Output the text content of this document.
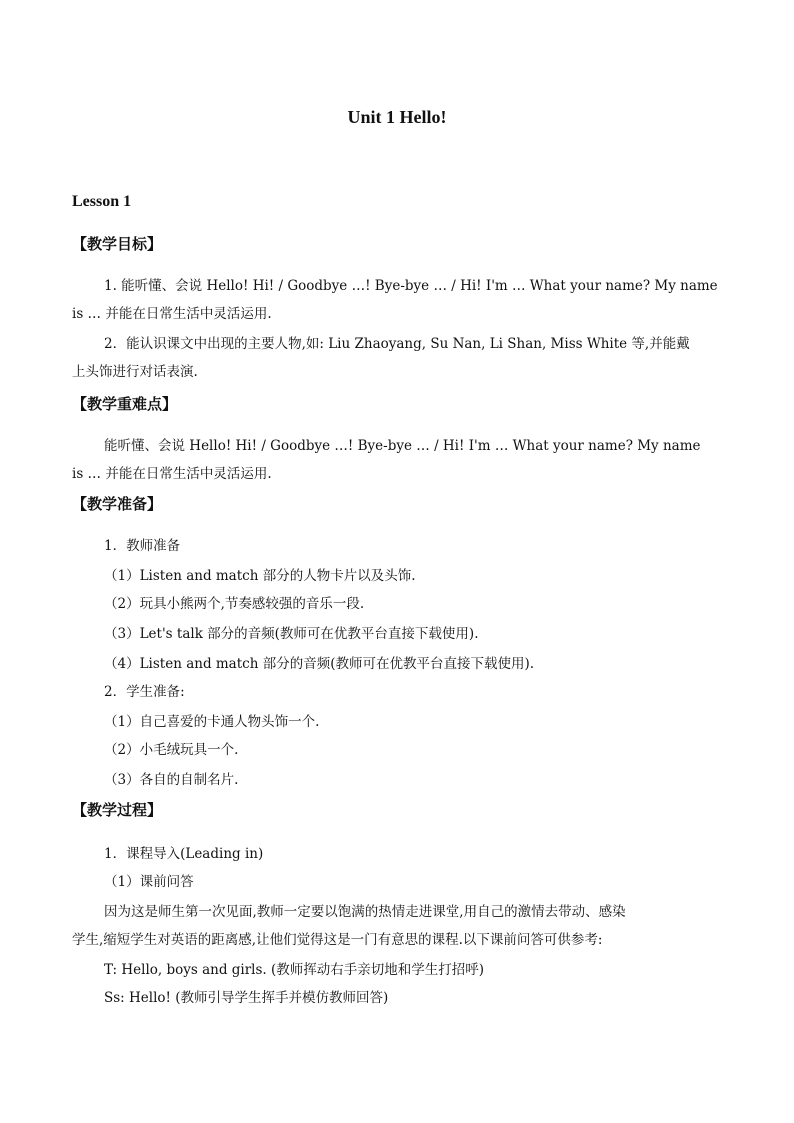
Unit 1 Hello!
Lesson 1
【教学目标】
1. 能听懂、会说 Hello! Hi! / Goodbye …! Bye-bye … / Hi! I'm … What your name? My name
is … 并能在日常生活中灵活运用.
2．能认识课文中出现的主要人物,如: Liu Zhaoyang, Su Nan, Li Shan, Miss White 等,并能戴
上头饰进行对话表演.
【教学重难点】
能听懂、会说 Hello! Hi! / Goodbye …! Bye-bye … / Hi! I'm … What your name? My name
is … 并能在日常生活中灵活运用.
【教学准备】
1．教师准备
（1）Listen and match 部分的人物卡片以及头饰.
（2）玩具小熊两个,节奏感较强的音乐一段.
（3）Let's talk 部分的音频(教师可在优教平台直接下载使用).
（4）Listen and match 部分的音频(教师可在优教平台直接下载使用).
2．学生准备:
（1）自己喜爱的卡通人物头饰一个.
（2）小毛绒玩具一个.
（3）各自的自制名片.
【教学过程】
1．课程导入(Leading in)
（1）课前问答
因为这是师生第一次见面,教师一定要以饱满的热情走进课堂,用自己的激情去带动、感染
学生,缩短学生对英语的距离感,让他们觉得这是一门有意思的课程.以下课前问答可供参考:
T: Hello, boys and girls. (教师挥动右手亲切地和学生打招呼)
Ss: Hello! (教师引导学生挥手并模仿教师回答)
